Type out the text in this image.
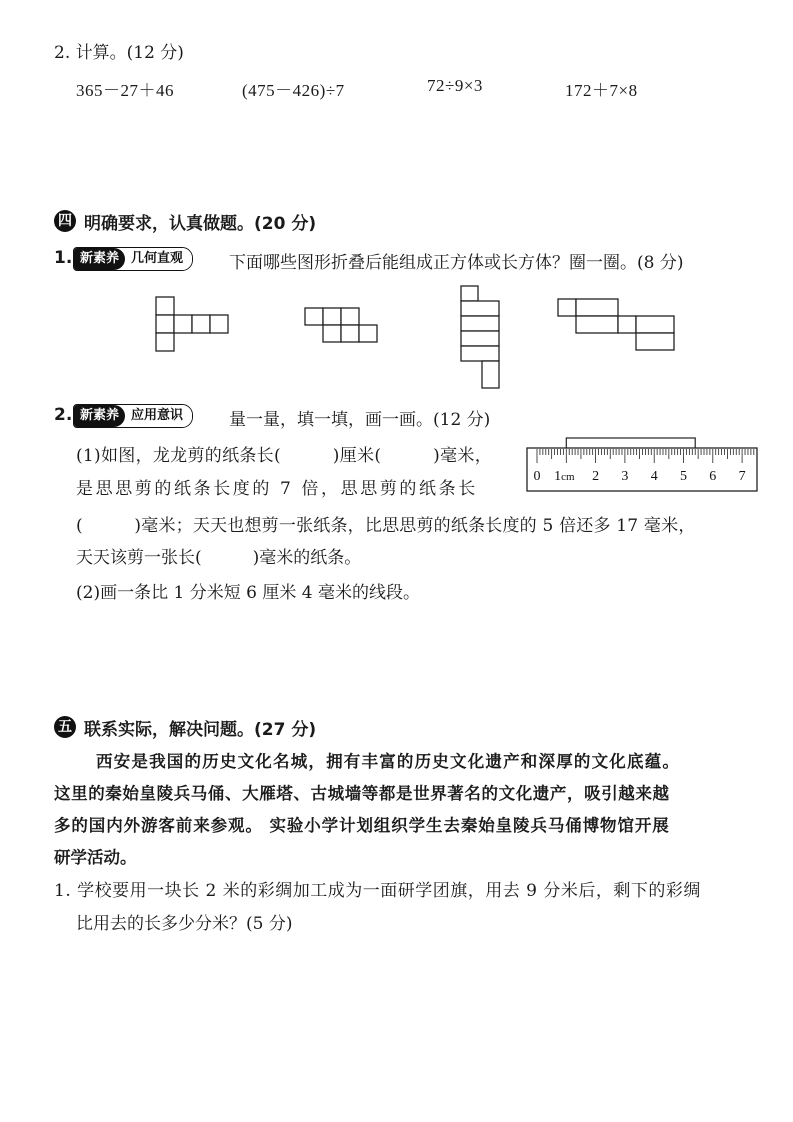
2. 计算。(12 分)
365－27＋46	(475－426)÷7	72÷9×3	172＋7×8
四 明确要求，认真做题。(20 分)
1. 新素养 几何直观	下面哪些图形折叠后能组成正方体或长方体？圈一圈。(8 分)
2. 新素养 应用意识	量一量，填一填，画一画。(12 分)
(1)如图，龙龙剪的纸条长(　　　)厘米(　　　)毫米，
是思思剪的纸条长度的 7 倍，思思剪的纸条长
(　　　)毫米；天天也想剪一张纸条，比思思剪的纸条长度的 5 倍还多 17 毫米，
天天该剪一张长(　　　)毫米的纸条。
(2)画一条比 1 分米短 6 厘米 4 毫米的线段。
0 1cm 2 3 4 5 6 7
五 联系实际，解决问题。(27 分)
西安是我国的历史文化名城，拥有丰富的历史文化遗产和深厚的文化底蕴。
这里的秦始皇陵兵马俑、大雁塔、古城墙等都是世界著名的文化遗产，吸引越来越
多的国内外游客前来参观。 实验小学计划组织学生去秦始皇陵兵马俑博物馆开展
研学活动。
1. 学校要用一块长 2 米的彩绸加工成为一面研学团旗，用去 9 分米后，剩下的彩绸
比用去的长多少分米？(5 分)
